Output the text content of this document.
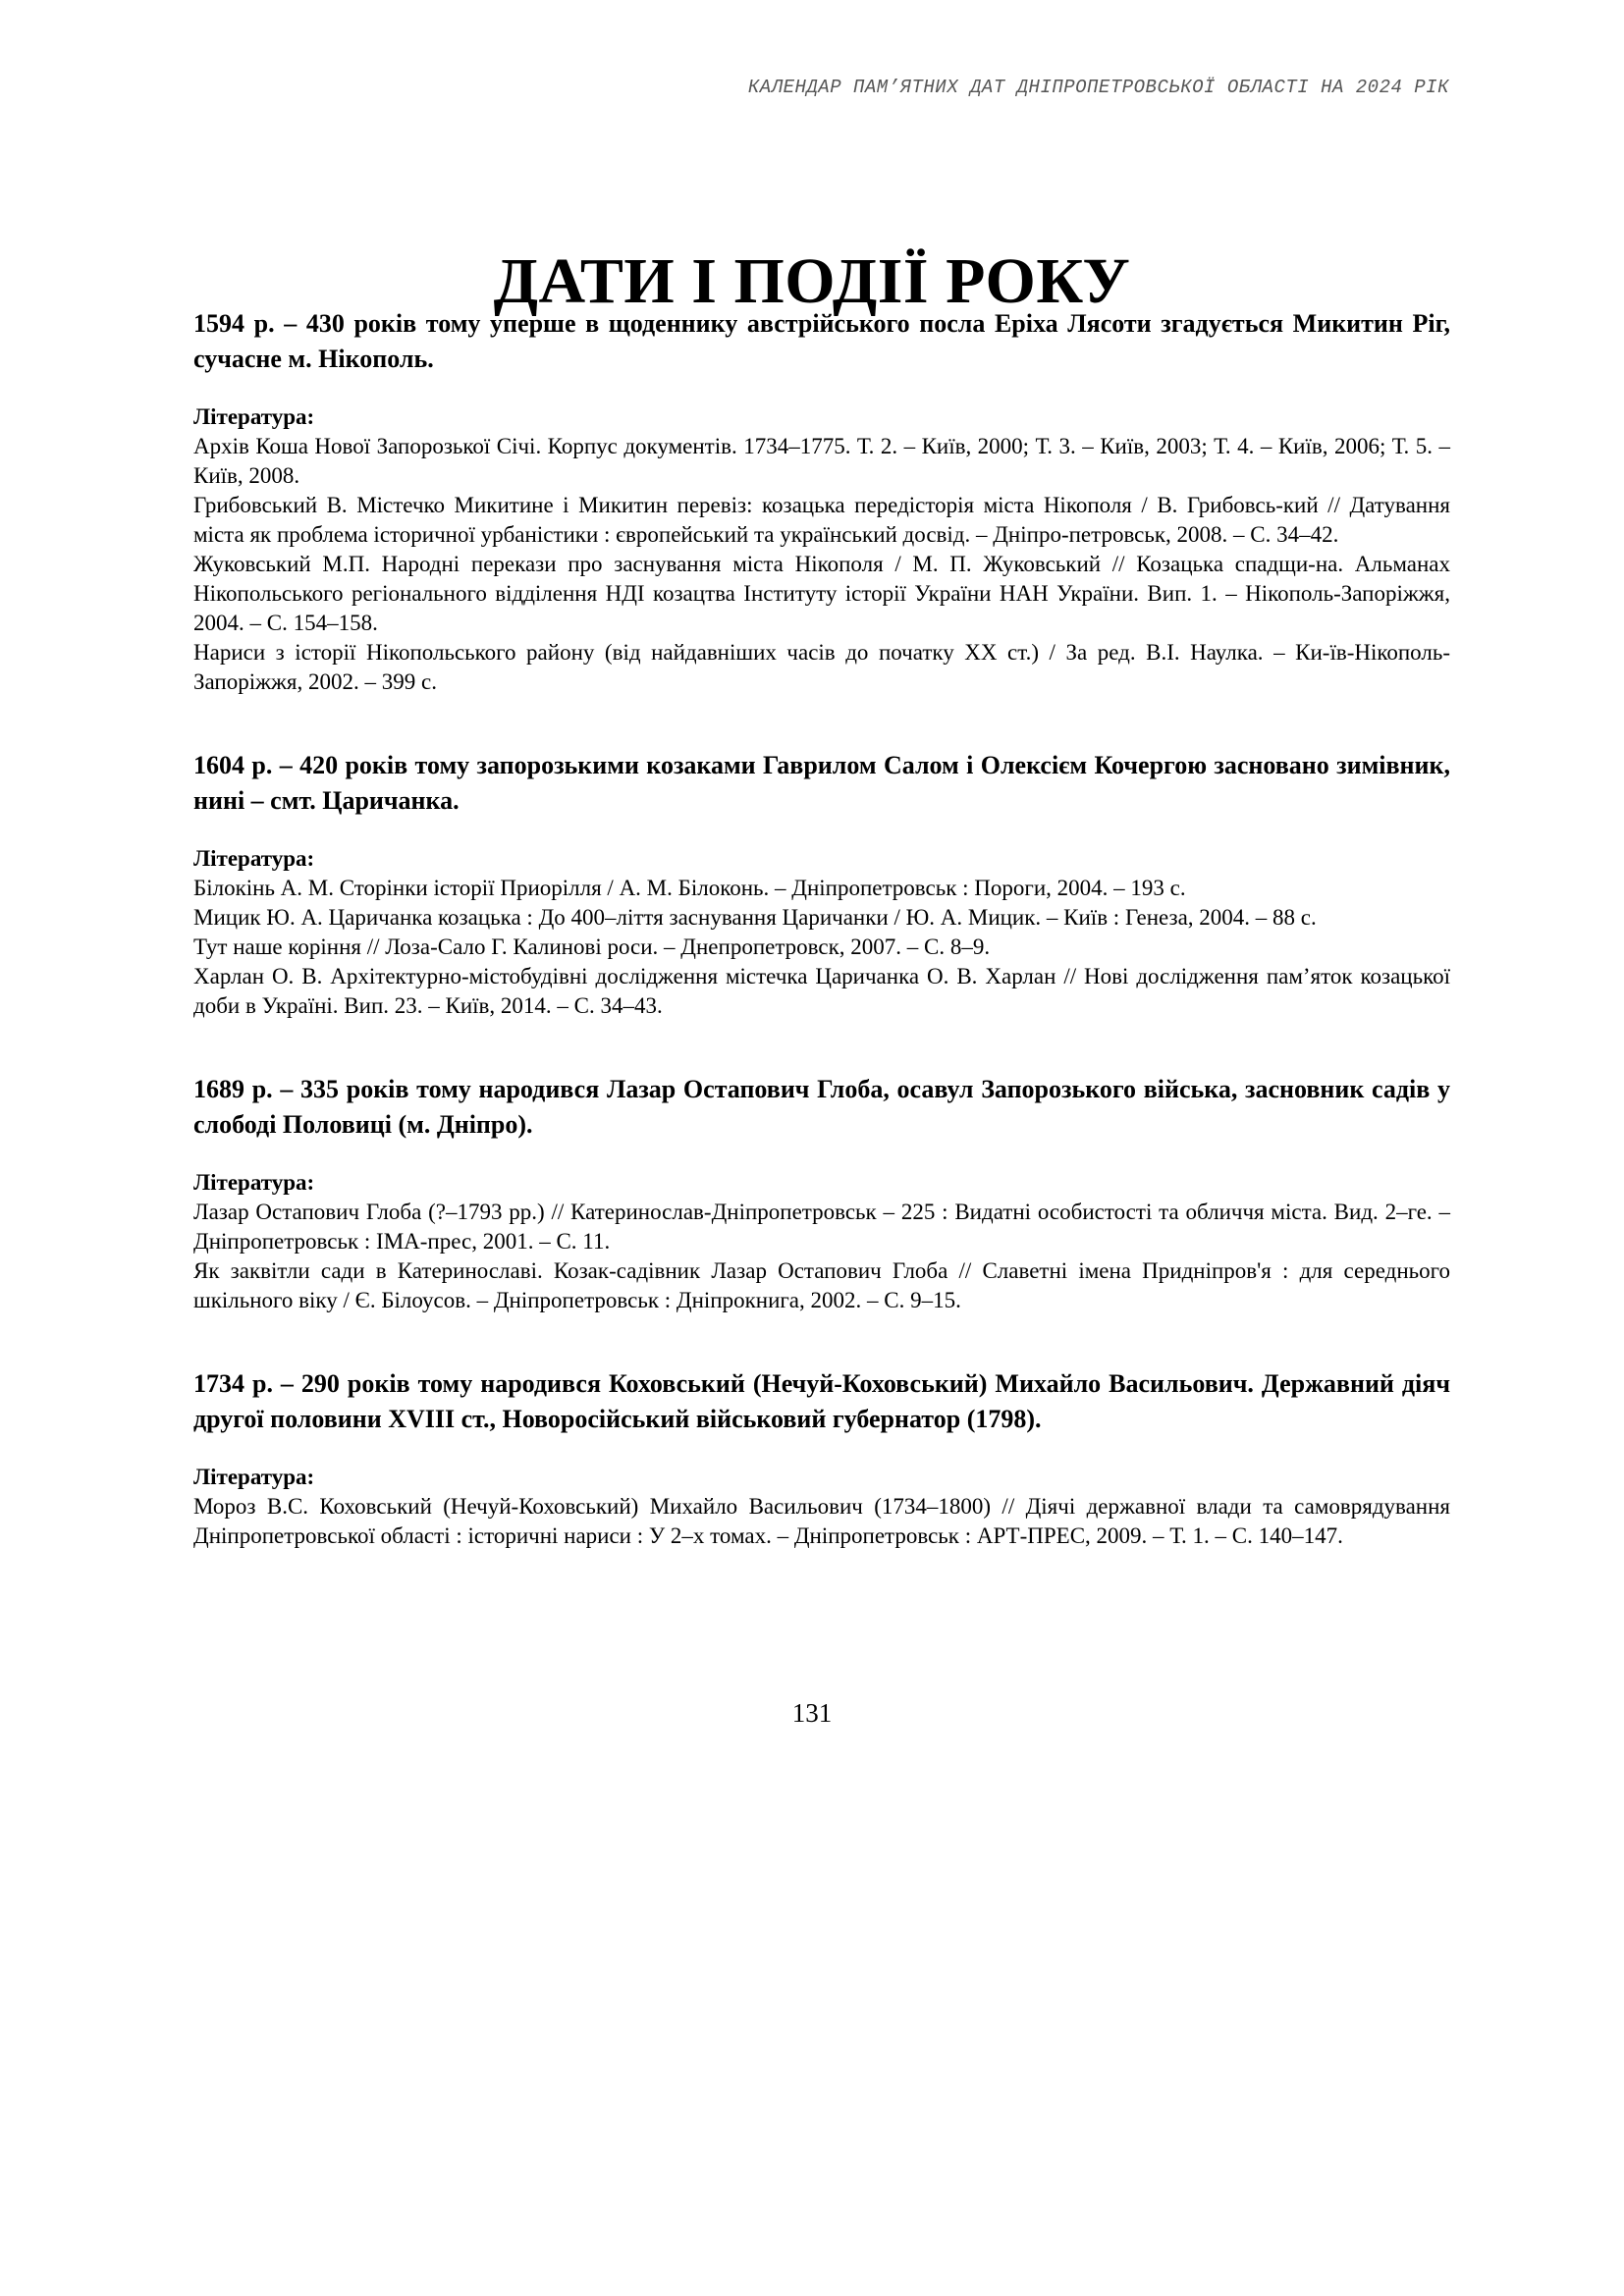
КАЛЕНДАР ПАМ’ЯТНИХ ДАТ ДНІПРОПЕТРОВСЬКОЇ ОБЛАСТІ НА 2024 РІК
ДАТИ І ПОДІЇ РОКУ

1594 р. – 430 років тому уперше в щоденнику австрійського посла Еріха Лясоти згадується Микитин Ріг, сучасне м. Нікополь.

Література:

Архів Коша Нової Запорозької Січі. Корпус документів. 1734–1775. Т. 2. – Київ, 2000; Т. 3. – Київ, 2003; Т. 4. – Київ, 2006; Т. 5. – Київ, 2008.
Грибовський В. Містечко Микитине і Микитин перевіз: козацька передісторія міста Нікополя / В. Грибовсь-кий // Датування міста як проблема історичної урбаністики : європейський та український досвід. – Дніпро-петровськ, 2008. – С. 34–42.
Жуковський М.П. Народні перекази про заснування міста Нікополя / М. П. Жуковський // Козацька спадщи-на. Альманах Нікопольського регіонального відділення НДІ козацтва Інституту історії України НАН України. Вип. 1. – Нікополь-Запоріжжя, 2004. – С. 154–158.
Нариси з історії Нікопольського району (від найдавніших часів до початку ХХ ст.) / За ред. В.І. Наулка. – Ки-їв-Нікополь-Запоріжжя, 2002. – 399 с.

1604 р. – 420 років тому запорозькими козаками Гаврилом Салом і Олексієм Кочергою засновано зимівник, нині – смт. Царичанка.

Література:

Білокінь А. М. Сторінки історії Приорілля / А. М. Білоконь. – Дніпропетровськ : Пороги, 2004. – 193 с.
Мицик Ю. А. Царичанка козацька : До 400–ліття заснування Царичанки / Ю. А. Мицик. – Київ : Генеза, 2004. – 88 с.
Тут наше коріння // Лоза-Сало Г. Калинові роси. – Днепропетровск, 2007. – С. 8–9.
Харлан О. В. Архітектурно-містобудівні дослідження містечка Царичанка О. В. Харлан // Нові дослідження пам’яток козацької доби в Україні. Вип. 23. – Київ, 2014. – С. 34–43.

1689 р. – 335 років тому народився Лазар Остапович Глоба, осавул Запорозького війська, засновник садів у слободі Половиці (м. Дніпро).

Література:

Лазар Остапович Глоба (?–1793 рр.) // Катеринослав-Дніпропетровськ – 225 : Видатні особистості та обличчя міста. Вид. 2–ге. – Дніпропетровськ : ІМА-прес, 2001. – С. 11.
Як заквітли сади в Катеринославі. Козак-садівник Лазар Остапович Глоба // Славетні імена Придніпров'я : для середнього шкільного віку / Є. Білоусов. – Дніпропетровськ : Дніпрокнига, 2002. – С. 9–15.

1734 р. – 290 років тому народився Коховський (Нечуй-Коховський) Михайло Васильович. Державний діяч другої половини XVIII ст., Новоросійський військовий губернатор (1798).

Література:

Мороз В.С. Коховський (Нечуй-Коховський) Михайло Васильович (1734–1800) // Діячі державної влади та самоврядування Дніпропетровської області : історичні нариси : У 2–х томах. – Дніпропетровськ : АРТ-ПРЕС, 2009. – Т. 1. – С. 140–147.
131
